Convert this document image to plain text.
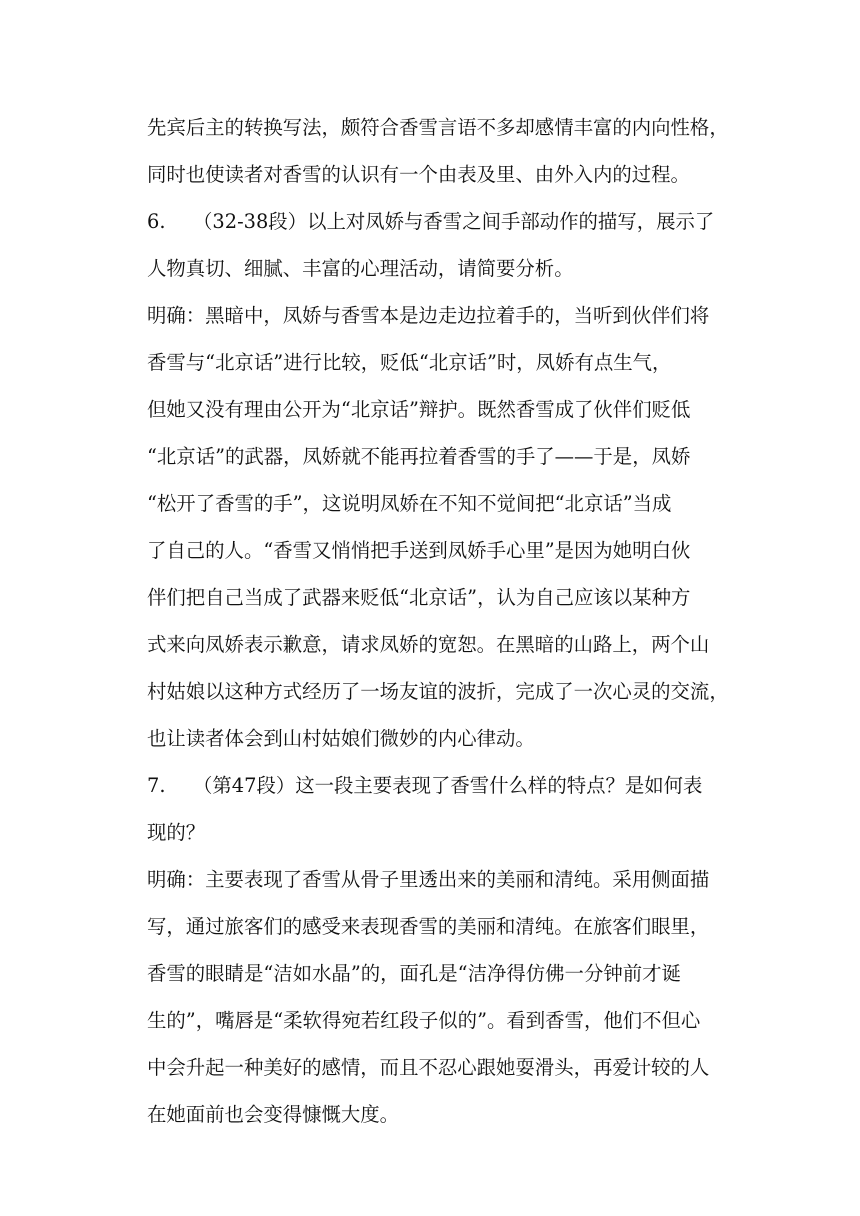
先宾后主的转换写法，颇符合香雪言语不多却感情丰富的内向性格，
同时也使读者对香雪的认识有一个由表及里、由外入内的过程。
6. （32-38段）以上对凤娇与香雪之间手部动作的描写，展示了
人物真切、细腻、丰富的心理活动，请简要分析。
明确：黑暗中，凤娇与香雪本是边走边拉着手的，当听到伙伴们将
香雪与“北京话”进行比较，贬低“北京话”时，凤娇有点生气，
但她又没有理由公开为“北京话”辩护。既然香雪成了伙伴们贬低
“北京话”的武器，凤娇就不能再拉着香雪的手了——于是，凤娇
“松开了香雪的手”，这说明凤娇在不知不觉间把“北京话”当成
了自己的人。“香雪又悄悄把手送到凤娇手心里”是因为她明白伙
伴们把自己当成了武器来贬低“北京话”，认为自己应该以某种方
式来向凤娇表示歉意，请求凤娇的宽恕。在黑暗的山路上，两个山
村姑娘以这种方式经历了一场友谊的波折，完成了一次心灵的交流，
也让读者体会到山村姑娘们微妙的内心律动。
7. （第47段）这一段主要表现了香雪什么样的特点？是如何表
现的？
明确：主要表现了香雪从骨子里透出来的美丽和清纯。采用侧面描
写，通过旅客们的感受来表现香雪的美丽和清纯。在旅客们眼里，
香雪的眼睛是“洁如水晶”的，面孔是“洁净得仿佛一分钟前才诞
生的”，嘴唇是“柔软得宛若红段子似的”。看到香雪，他们不但心
中会升起一种美好的感情，而且不忍心跟她耍滑头，再爱计较的人
在她面前也会变得慷慨大度。
